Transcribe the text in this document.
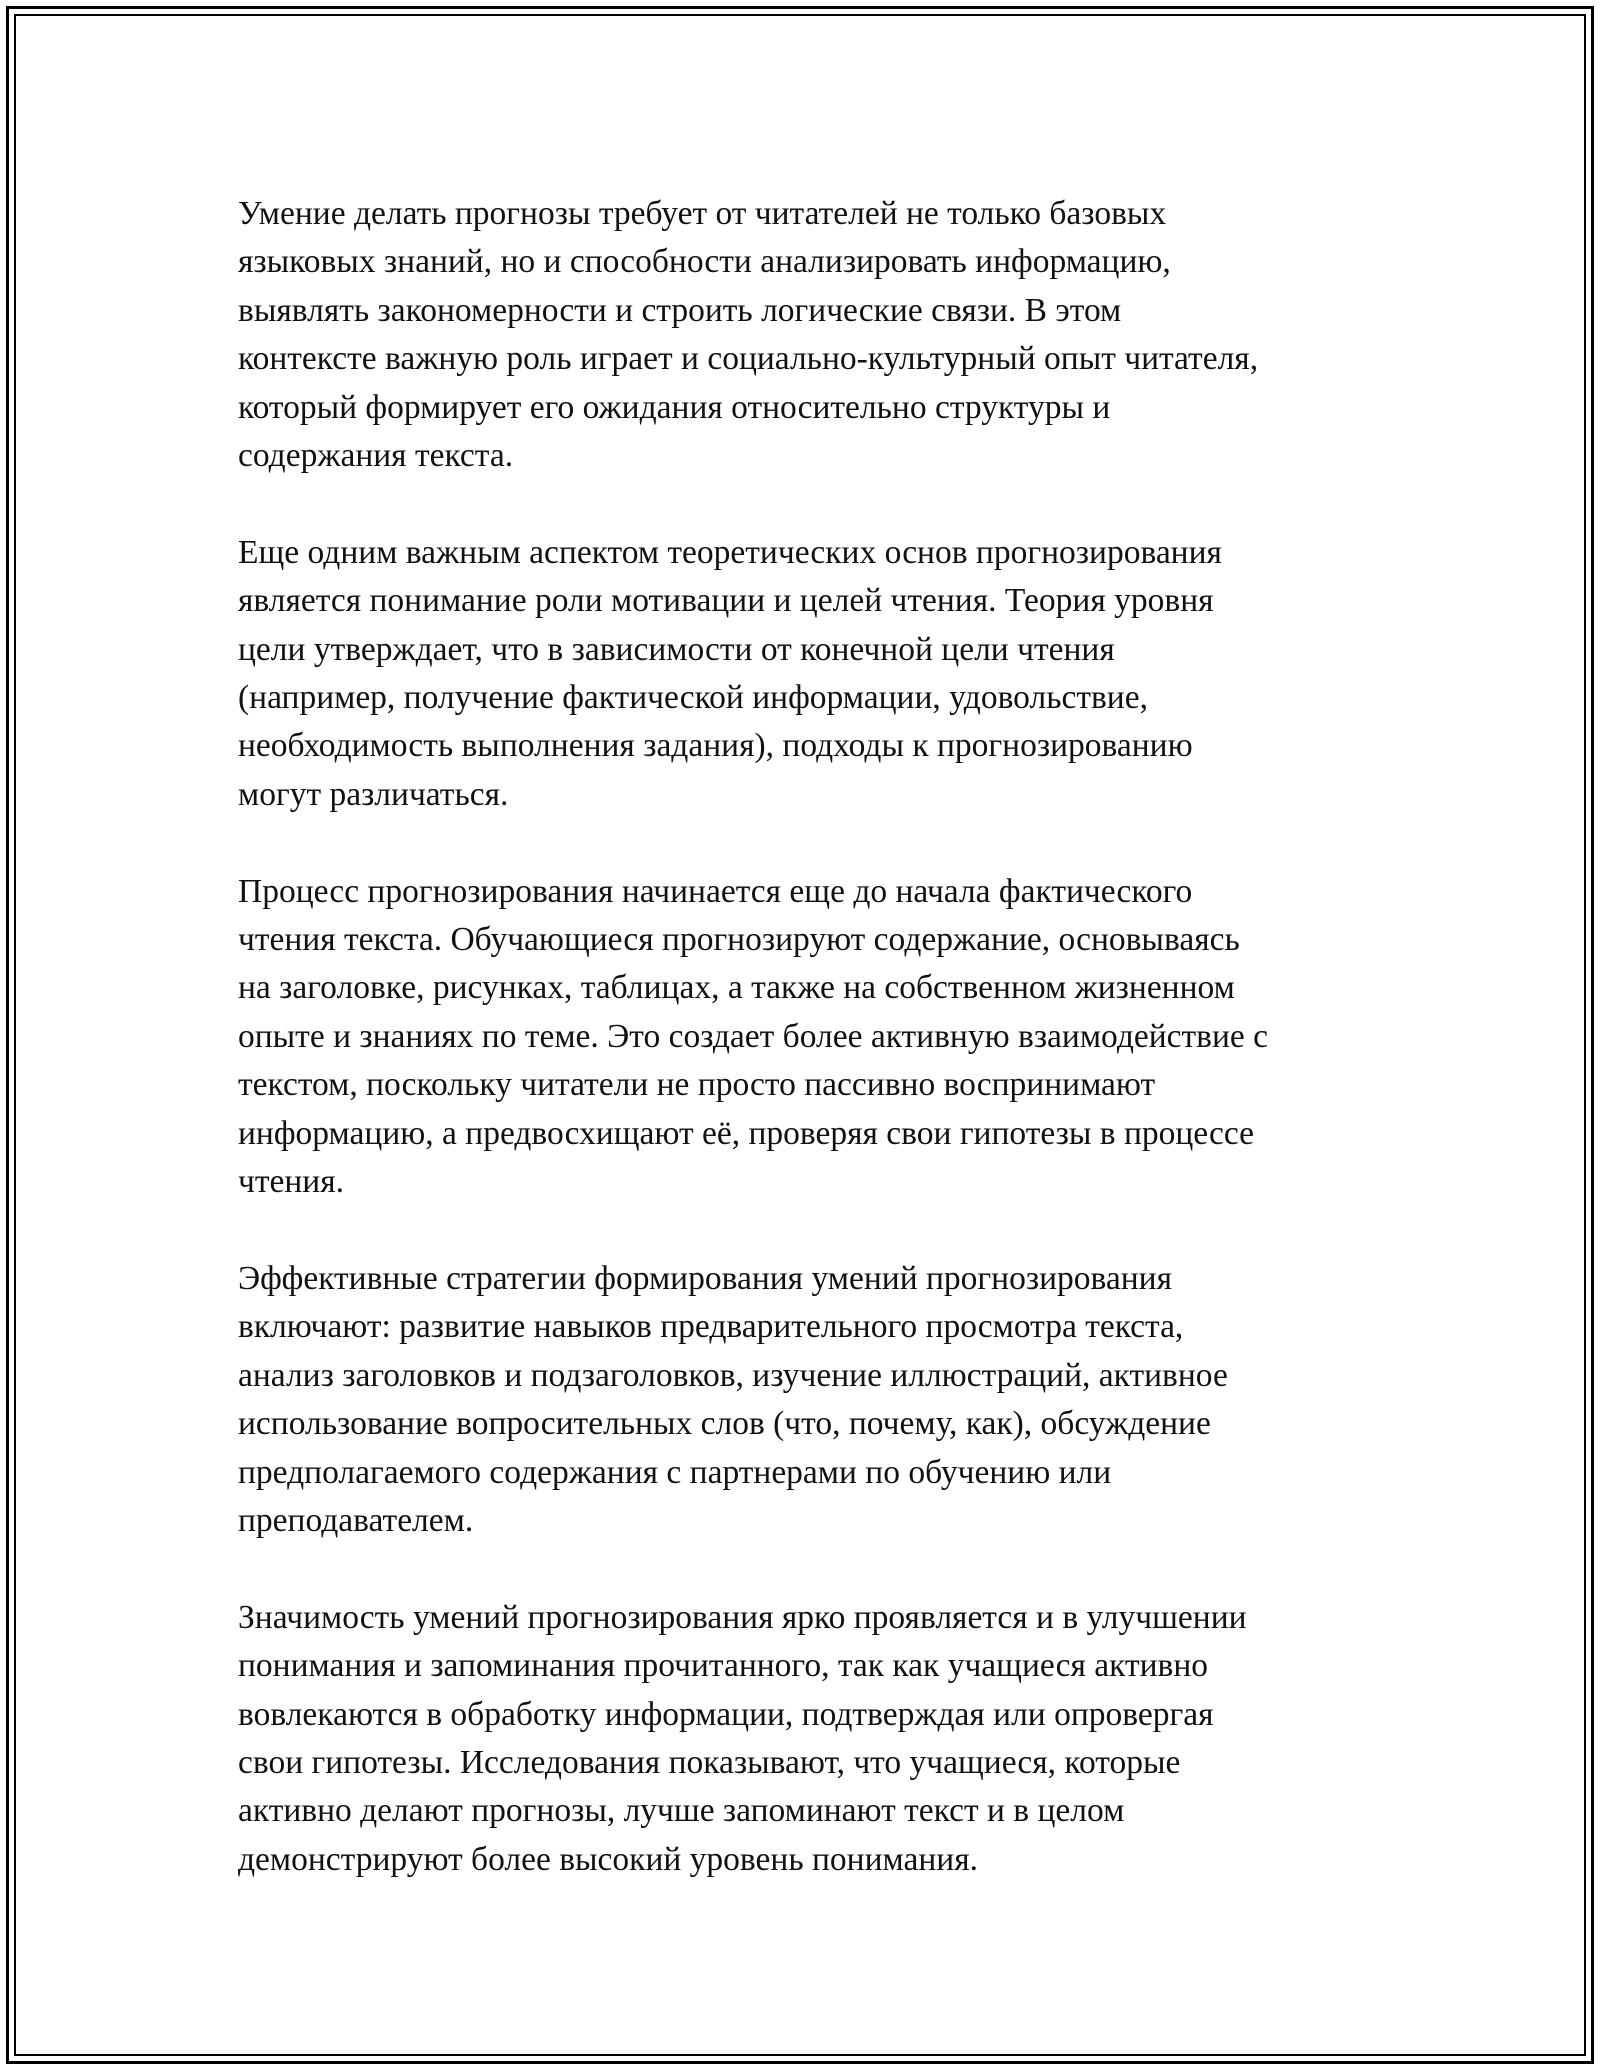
Умение делать прогнозы требует от читателей не только базовых
языковых знаний, но и способности анализировать информацию,
выявлять закономерности и строить логические связи. В этом
контексте важную роль играет и социально-культурный опыт читателя,
который формирует его ожидания относительно структуры и
содержания текста.

Еще одним важным аспектом теоретических основ прогнозирования
является понимание роли мотивации и целей чтения. Теория уровня
цели утверждает, что в зависимости от конечной цели чтения
(например, получение фактической информации, удовольствие,
необходимость выполнения задания), подходы к прогнозированию
могут различаться.

Процесс прогнозирования начинается еще до начала фактического
чтения текста. Обучающиеся прогнозируют содержание, основываясь
на заголовке, рисунках, таблицах, а также на собственном жизненном
опыте и знаниях по теме. Это создает более активную взаимодействие с
текстом, поскольку читатели не просто пассивно воспринимают
информацию, а предвосхищают её, проверяя свои гипотезы в процессе
чтения.

Эффективные стратегии формирования умений прогнозирования
включают: развитие навыков предварительного просмотра текста,
анализ заголовков и подзаголовков, изучение иллюстраций, активное
использование вопросительных слов (что, почему, как), обсуждение
предполагаемого содержания с партнерами по обучению или
преподавателем.

Значимость умений прогнозирования ярко проявляется и в улучшении
понимания и запоминания прочитанного, так как учащиеся активно
вовлекаются в обработку информации, подтверждая или опровергая
свои гипотезы. Исследования показывают, что учащиеся, которые
активно делают прогнозы, лучше запоминают текст и в целом
демонстрируют более высокий уровень понимания.
